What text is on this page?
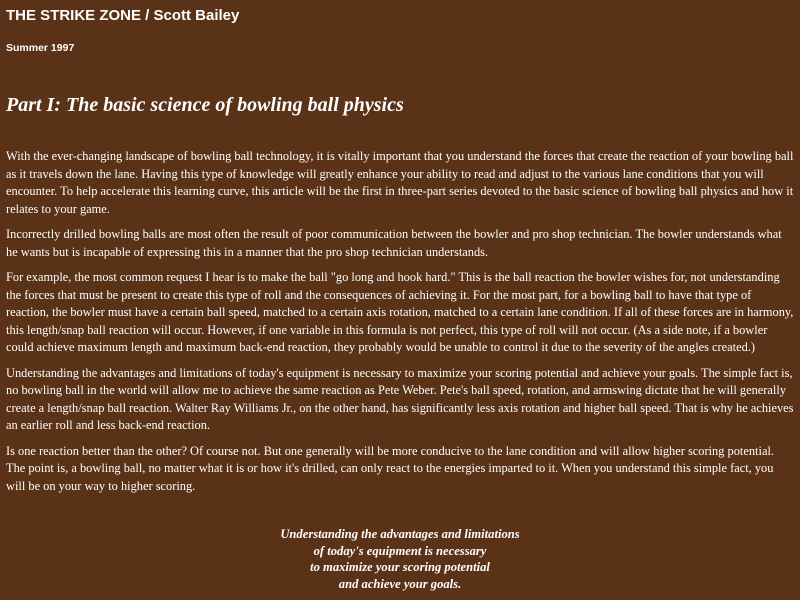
THE STRIKE ZONE / Scott Bailey
Summer 1997
Part I: The basic science of bowling ball physics

With the ever-changing landscape of bowling ball technology, it is vitally important that you understand the forces that create the reaction of your bowling ball as it travels down the lane. Having this type of knowledge will greatly enhance your ability to read and adjust to the various lane conditions that you will encounter. To help accelerate this learning curve, this article will be the first in three-part series devoted to the basic science of bowling ball physics and how it relates to your game.

Incorrectly drilled bowling balls are most often the result of poor communication between the bowler and pro shop technician. The bowler understands what he wants but is incapable of expressing this in a manner that the pro shop technician understands.

For example, the most common request I hear is to make the ball "go long and hook hard." This is the ball reaction the bowler wishes for, not understanding the forces that must be present to create this type of roll and the consequences of achieving it. For the most part, for a bowling ball to have that type of reaction, the bowler must have a certain ball speed, matched to a certain axis rotation, matched to a certain lane condition. If all of these forces are in harmony, this length/snap ball reaction will occur. However, if one variable in this formula is not perfect, this type of roll will not occur. (As a side note, if a bowler could achieve maximum length and maximum back-end reaction, they probably would be unable to control it due to the severity of the angles created.)

Understanding the advantages and limitations of today's equipment is necessary to maximize your scoring potential and achieve your goals. The simple fact is, no bowling ball in the world will allow me to achieve the same reaction as Pete Weber. Pete's ball speed, rotation, and armswing dictate that he will generally create a length/snap ball reaction. Walter Ray Williams Jr., on the other hand, has significantly less axis rotation and higher ball speed. That is why he achieves an earlier roll and less back-end reaction.

Is one reaction better than the other? Of course not. But one generally will be more conducive to the lane condition and will allow higher scoring potential. The point is, a bowling ball, no matter what it is or how it's drilled, can only react to the energies imparted to it. When you understand this simple fact, you will be on your way to higher scoring.

Understanding the advantages and limitations
of today's equipment is necessary
to maximize your scoring potential
and achieve your goals.
